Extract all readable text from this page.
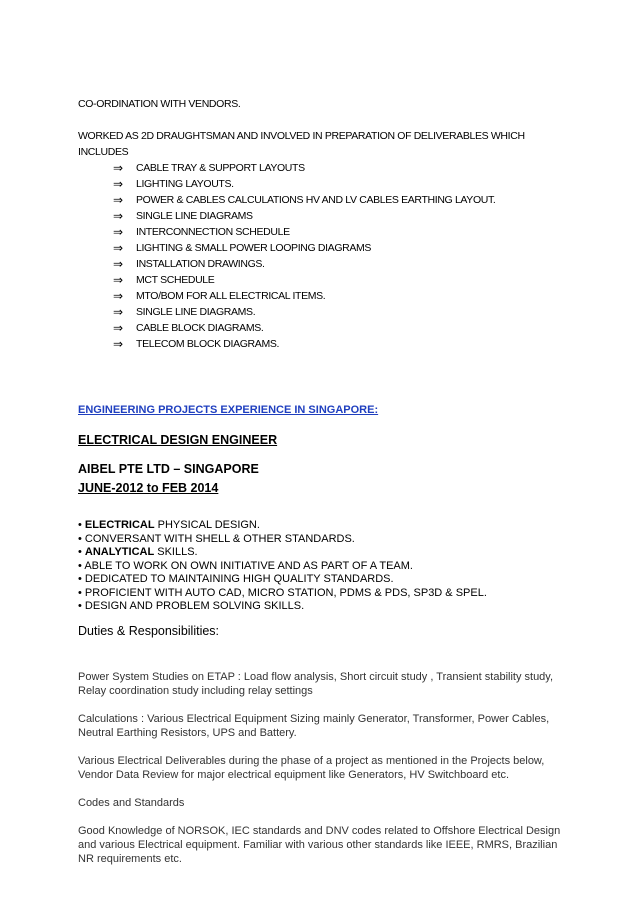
CO-ORDINATION WITH VENDORS.

WORKED AS 2D DRAUGHTSMAN AND INVOLVED IN PREPARATION OF DELIVERABLES WHICH

INCLUDES

⇒	CABLE TRAY & SUPPORT LAYOUTS
⇒	LIGHTING LAYOUTS.
⇒	POWER & CABLES CALCULATIONS HV AND LV CABLES EARTHING LAYOUT.
⇒	SINGLE LINE DIAGRAMS
⇒	INTERCONNECTION SCHEDULE
⇒	LIGHTING & SMALL POWER LOOPING DIAGRAMS
⇒	INSTALLATION DRAWINGS.
⇒	MCT SCHEDULE
⇒	MTO/BOM FOR ALL ELECTRICAL ITEMS.
⇒	SINGLE LINE DIAGRAMS.
⇒	CABLE BLOCK DIAGRAMS.
⇒	TELECOM BLOCK DIAGRAMS.
ENGINEERING PROJECTS EXPERIENCE IN SINGAPORE:
ELECTRICAL DESIGN ENGINEER
AIBEL PTE LTD – SINGAPORE
JUNE-2012 to FEB 2014
• ELECTRICAL PHYSICAL DESIGN.
• CONVERSANT WITH SHELL & OTHER STANDARDS.
• ANALYTICAL SKILLS.
• ABLE TO WORK ON OWN INITIATIVE AND AS PART OF A TEAM.
• DEDICATED TO MAINTAINING HIGH QUALITY STANDARDS.
• PROFICIENT WITH AUTO CAD, MICRO STATION, PDMS & PDS, SP3D & SPEL.
• DESIGN AND PROBLEM SOLVING SKILLS.
Duties & Responsibilities:

Power System Studies on ETAP : Load flow analysis, Short circuit study , Transient stability study, Relay coordination study including relay settings

Calculations : Various Electrical Equipment Sizing mainly Generator, Transformer, Power Cables, Neutral Earthing Resistors, UPS and Battery.

Various Electrical Deliverables during the phase of a project as mentioned in the Projects below, Vendor Data Review for major electrical equipment like Generators, HV Switchboard etc.

Codes and Standards

Good Knowledge of NORSOK, IEC standards and DNV codes related to Offshore Electrical Design and various Electrical equipment. Familiar with various other standards like IEEE, RMRS, Brazilian NR requirements etc.
